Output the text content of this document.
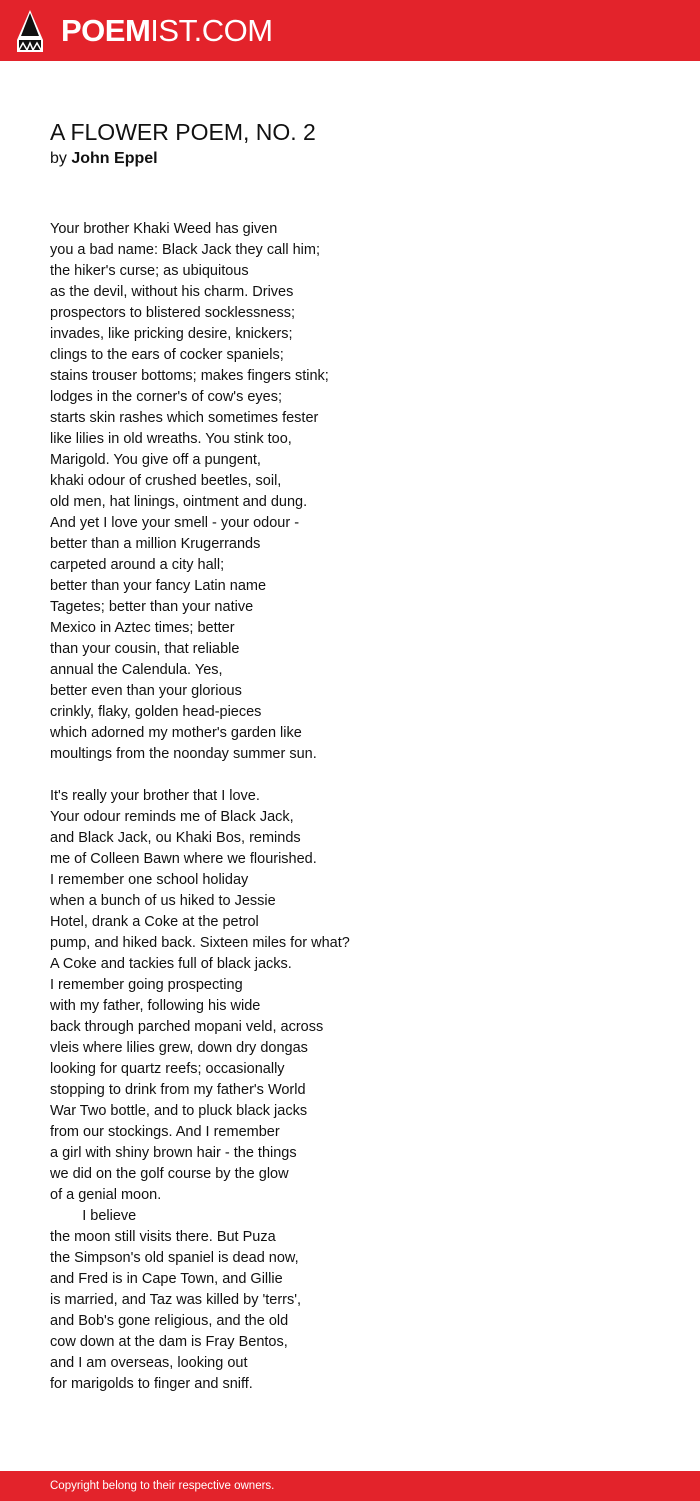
POEMIST.COM
A FLOWER POEM, NO. 2
by John Eppel
Your brother Khaki Weed has given
you a bad name: Black Jack they call him;
the hiker's curse; as ubiquitous
as the devil, without his charm. Drives
prospectors to blistered socklessness;
invades, like pricking desire, knickers;
clings to the ears of cocker spaniels;
stains trouser bottoms; makes fingers stink;
lodges in the corner's of cow's eyes;
starts skin rashes which sometimes fester
like lilies in old wreaths. You stink too,
Marigold. You give off a pungent,
khaki odour of crushed beetles, soil,
old men, hat linings, ointment and dung.
And yet I love your smell - your odour -
better than a million Krugerrands
carpeted around a city hall;
better than your fancy Latin name
Tagetes; better than your native
Mexico in Aztec times; better
than your cousin, that reliable
annual the Calendula. Yes,
better even than your glorious
crinkly, flaky, golden head-pieces
which adorned my mother's garden like
moultings from the noonday summer sun.
It's really your brother that I love.
Your odour reminds me of Black Jack,
and Black Jack, ou Khaki Bos, reminds
me of Colleen Bawn where we flourished.
I remember one school holiday
when a bunch of us hiked to Jessie
Hotel, drank a Coke at the petrol
pump, and hiked back. Sixteen miles for what?
A Coke and tackies full of black jacks.
I remember going prospecting
with my father, following his wide
back through parched mopani veld, across
vleis where lilies grew, down dry dongas
looking for quartz reefs; occasionally
stopping to drink from my father's World
War Two bottle, and to pluck black jacks
from our stockings. And I remember
a girl with shiny brown hair - the things
we did on the golf course by the glow
of a genial moon.
I believe
the moon still visits there. But Puza
the Simpson's old spaniel is dead now,
and Fred is in Cape Town, and Gillie
is married, and Taz was killed by 'terrs',
and Bob's gone religious, and the old
cow down at the dam is Fray Bentos,
and I am overseas, looking out
for marigolds to finger and sniff.
Copyright belong to their respective owners.
